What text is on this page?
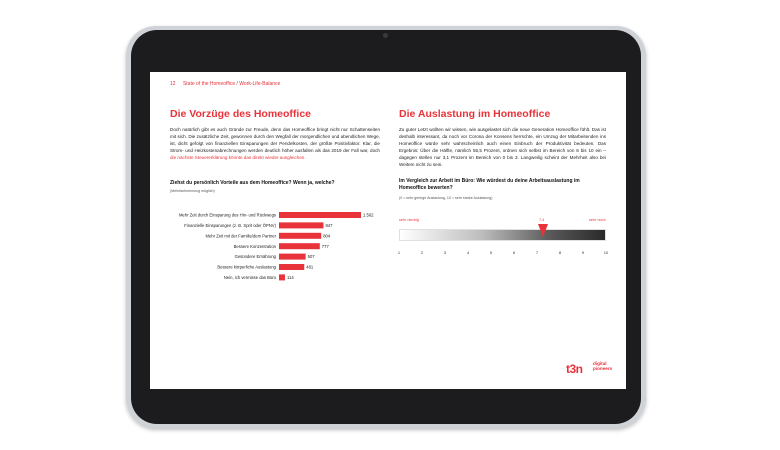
12 State of the Homeoffice / Work-Life-Balance
Die Vorzüge des Homeoffice

Doch natürlich gibt es auch Gründe zur Freude, denn das Homeoffice bringt nicht nur Schattenseiten mit sich. Die zusätzliche Zeit, gewonnen durch den Wegfall der morgendlichen und abendlichen Wege, ist, dicht gefolgt von finanziellen Einsparungen der Pendelkosten, der größte Positivfaktor. Klar, die Strom- und Heizkostenabrechnungen werden deutlich höher ausfallen als das 2019 der Fall war, doch die nächste Steuererklärung könnte das direkt wieder ausgleichen.

Ziehst du persönlich Vorteile aus dem Homeoffice? Wenn ja, welche?

(Mehrfachnennung möglich)
Mehr Zeit durch Einsparung des Hin- und Rückwegs	1.562
Finanzielle Einsparungen (z. B. Sprit oder ÖPNV)	847
Mehr Zeit mit der Familie/dem Partner	804
Bessere Konzentration	777
Gesündere Ernährung	507
Bessere körperliche Auslastung	481
Nein, ich vermisse das Büro	114
Die Auslastung im Homeoffice

Zu guter Letzt wollten wir wissen, wie ausgelastet sich die neue Generation Homeoffice fühlt. Das ist deshalb interessant, da noch vor Corona der Konsens herrschte, ein Umzug der Mitarbeitenden ins Homeoffice würde sehr wahrscheinlich auch einen Einbruch der Produktivität bedeuten. Das Ergebnis: Über die Hälfte, nämlich 55,5 Prozent, ordnen sich selbst im Bereich von 8 bis 10 ein – dagegen stellen nur 3,1 Prozent im Bereich von 0 bis 3. Langweilig scheint der Mehrheit also bei Weitem nicht zu sein.

Im Vergleich zur Arbeit im Büro: Wie würdest du deine Arbeitsauslastung im Homeoffice bewerten?

(0 = sehr geringe Auslastung, 10 = sehr starke Auslastung)
sehr niedrig	7,4	sehr hoch
1	2	3	4	5	6	7	8	9	10
t3n digital
pioneers
